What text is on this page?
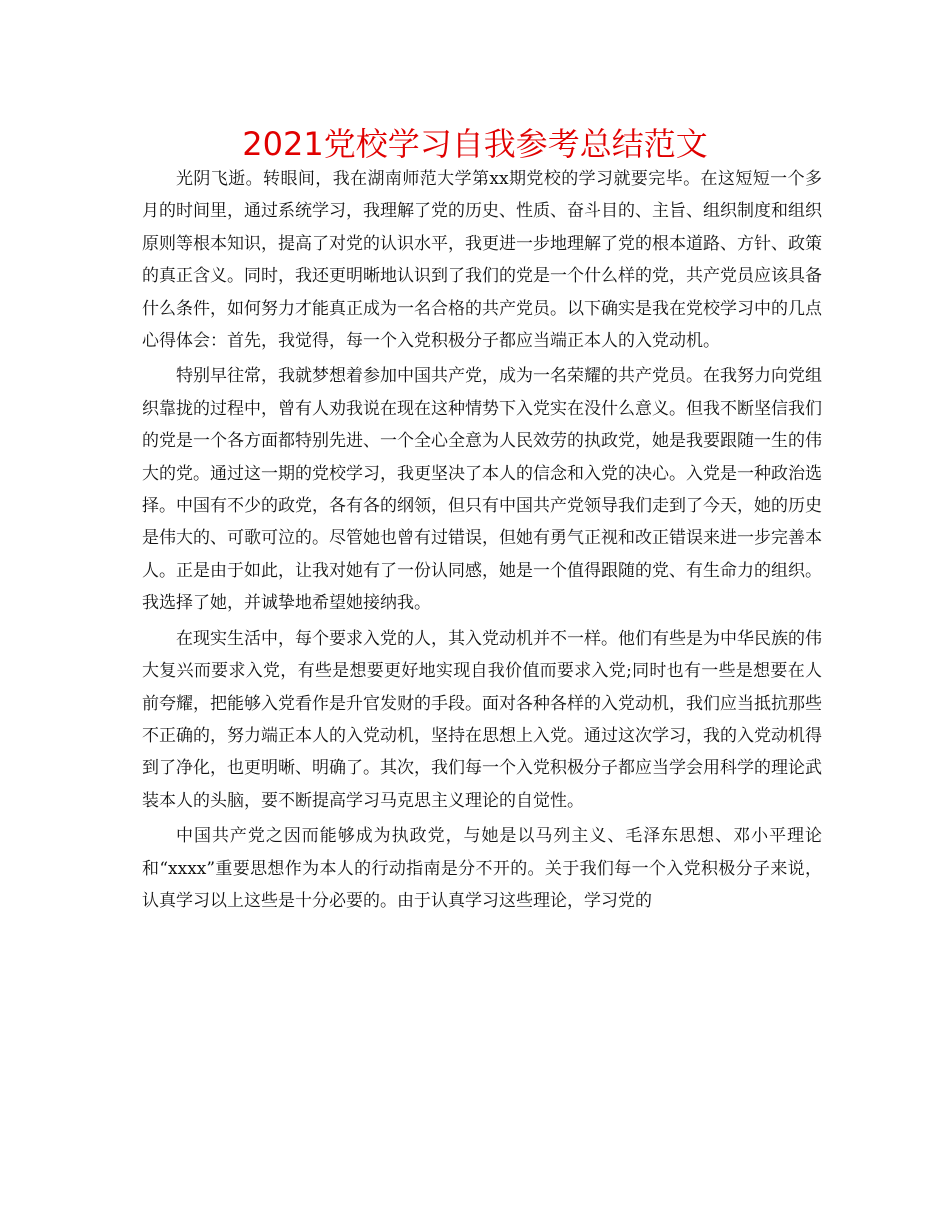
2021党校学习自我参考总结范文

光阴飞逝。转眼间，我在湖南师范大学第xx期党校的学习就要完毕。在这短短一个多月的时间里，通过系统学习，我理解了党的历史、性质、奋斗目的、主旨、组织制度和组织原则等根本知识，提高了对党的认识水平，我更进一步地理解了党的根本道路、方针、政策的真正含义。同时，我还更明晰地认识到了我们的党是一个什么样的党，共产党员应该具备什么条件，如何努力才能真正成为一名合格的共产党员。以下确实是我在党校学习中的几点心得体会：首先，我觉得，每一个入党积极分子都应当端正本人的入党动机。

特别早往常，我就梦想着参加中国共产党，成为一名荣耀的共产党员。在我努力向党组织靠拢的过程中，曾有人劝我说在现在这种情势下入党实在没什么意义。但我不断坚信我们的党是一个各方面都特别先进、一个全心全意为人民效劳的执政党，她是我要跟随一生的伟大的党。通过这一期的党校学习，我更坚决了本人的信念和入党的决心。入党是一种政治选择。中国有不少的政党，各有各的纲领，但只有中国共产党领导我们走到了今天，她的历史是伟大的、可歌可泣的。尽管她也曾有过错误，但她有勇气正视和改正错误来进一步完善本人。正是由于如此，让我对她有了一份认同感，她是一个值得跟随的党、有生命力的组织。我选择了她，并诚挚地希望她接纳我。

在现实生活中，每个要求入党的人，其入党动机并不一样。他们有些是为中华民族的伟大复兴而要求入党，有些是想要更好地实现自我价值而要求入党;同时也有一些是想要在人前夸耀，把能够入党看作是升官发财的手段。面对各种各样的入党动机，我们应当抵抗那些不正确的，努力端正本人的入党动机，坚持在思想上入党。通过这次学习，我的入党动机得到了净化，也更明晰、明确了。其次，我们每一个入党积极分子都应当学会用科学的理论武装本人的头脑，要不断提高学习马克思主义理论的自觉性。

中国共产党之因而能够成为执政党，与她是以马列主义、毛泽东思想、邓小平理论和“xxxx”重要思想作为本人的行动指南是分不开的。关于我们每一个入党积极分子来说，认真学习以上这些是十分必要的。由于认真学习这些理论，学习党的
